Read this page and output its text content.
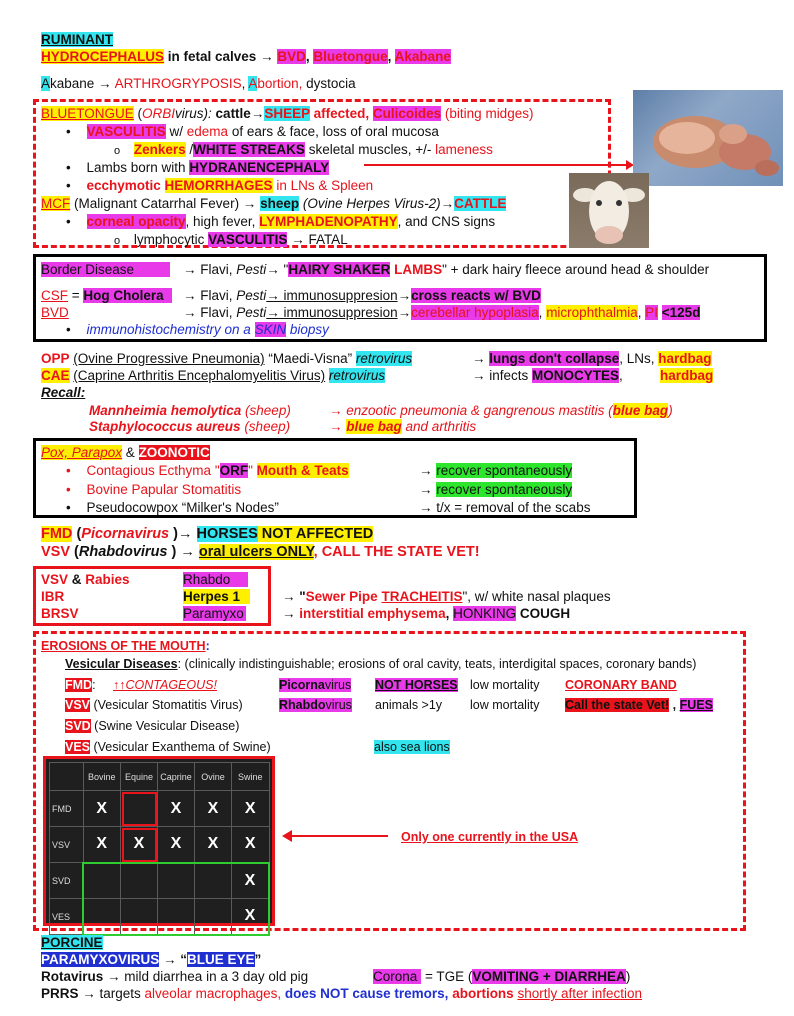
RUMINANT
HYDROCEPHALUS in fetal calves → BVD, Bluetongue, Akabane
Akabane → ARTHROGRYPOSIS, Abortion, dystocia
BLUETONGUE (ORBIvirus): cattle→SHEEP affected, Culicoides (biting midges)
• VASCULITIS w/ edema of ears & face, loss of oral mucosa
o Zenkers /WHITE STREAKS skeletal muscles, +/- lameness
• Lambs born with HYDRANENCEPHALY
• ecchymotic HEMORRHAGES in LNs & Spleen
MCF (Malignant Catarrhal Fever) → sheep (Ovine Herpes Virus-2)→CATTLE
• corneal opacity, high fever, LYMPHADENOPATHY, and CNS signs
o lymphocytic VASCULITIS → FATAL
Border Disease	→ Flavi, Pesti→ "HAIRY SHAKER LAMBS" + dark hairy fleece around head & shoulder
CSF = Hog Cholera	→ Flavi, Pesti→ immunosuppresion→cross reacts w/ BVD
BVD	→ Flavi, Pesti→ immunosuppresion→cerebellar hypoplasia, microphthalmia, PI <125d
• immunohistochemistry on a SKIN biopsy
OPP (Ovine Progressive Pneumonia) “Maedi-Visna” retrovirus	→ lungs don't collapse, LNs, hardbag
CAE (Caprine Arthritis Encephalomyelitis Virus) retrovirus	→ infects MONOCYTES,	hardbag
Recall:
Mannheimia hemolytica (sheep)	→ enzootic pneumonia & gangrenous mastitis (blue bag)
Staphylococcus aureus (sheep)	→ blue bag and arthritis
Pox, Parapox & ZOONOTIC
• Contagious Ecthyma "ORF" Mouth & Teats	→ recover spontaneously
• Bovine Papular Stomatitis	→ recover spontaneously
• Pseudocowpox “Milker's Nodes”	→ t/x = removal of the scabs
FMD (Picornavirus )→ HORSES NOT AFFECTED
VSV (Rhabdovirus ) → oral ulcers ONLY, CALL THE STATE VET!
VSV & Rabies	Rhabdo
IBR	Herpes 1
BRSV	Paramyxo
→ "Sewer Pipe TRACHEITIS", w/ white nasal plaques
→ interstitial emphysema, HONKING COUGH
EROSIONS OF THE MOUTH:
Vesicular Diseases: (clinically indistinguishable; erosions of oral cavity, teats, interdigital spaces, coronary bands)
FMD: ↑↑CONTAGEOUS!	Picornavirus NOT HORSES low mortality CORONARY BAND
VSV (Vesicular Stomatitis Virus)	Rhabdovirus animals >1y low mortality Call the state Vet! , FUES
SVD (Swine Vesicular Disease)
VES (Vesicular Exanthema of Swine)	also sea lions
	Bovine	Equine	Caprine	Ovine	Swine
FMD	X		X	X	X
VSV	X	X	X	X	X
SVD					X
VES					X
Only one currently in the USA
PORCINE
PARAMYXOVIRUS → “BLUE EYE”
Rotavirus → mild diarrhea in a 3 day old pig	Corona = TGE (VOMITING + DIARRHEA)
PRRS → targets alveolar macrophages, does NOT cause tremors, abortions shortly after infection
